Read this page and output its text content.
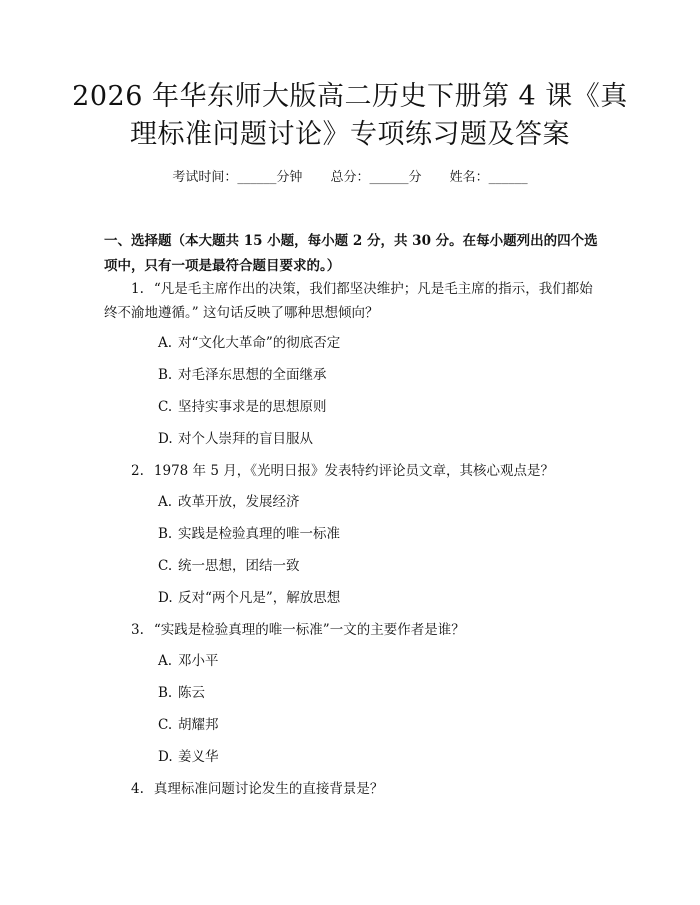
2026 年华东师大版高二历史下册第 4 课《真理标准问题讨论》专项练习题及答案
考试时间：______分钟 总分：______分 姓名：______
一、选择题（本大题共 15 小题，每小题 2 分，共 30 分。在每小题列出的四个选项中，只有一项是最符合题目要求的。）
1. “凡是毛主席作出的决策，我们都坚决维护；凡是毛主席的指示，我们都始终不渝地遵循。” 这句话反映了哪种思想倾向？
A. 对“文化大革命”的彻底否定
B. 对毛泽东思想的全面继承
C. 坚持实事求是的思想原则
D. 对个人崇拜的盲目服从
2. 1978 年 5 月，《光明日报》发表特约评论员文章，其核心观点是？
A. 改革开放，发展经济
B. 实践是检验真理的唯一标准
C. 统一思想，团结一致
D. 反对“两个凡是”，解放思想
3. “实践是检验真理的唯一标准”一文的主要作者是谁？
A. 邓小平
B. 陈云
C. 胡耀邦
D. 姜义华
4. 真理标准问题讨论发生的直接背景是？
